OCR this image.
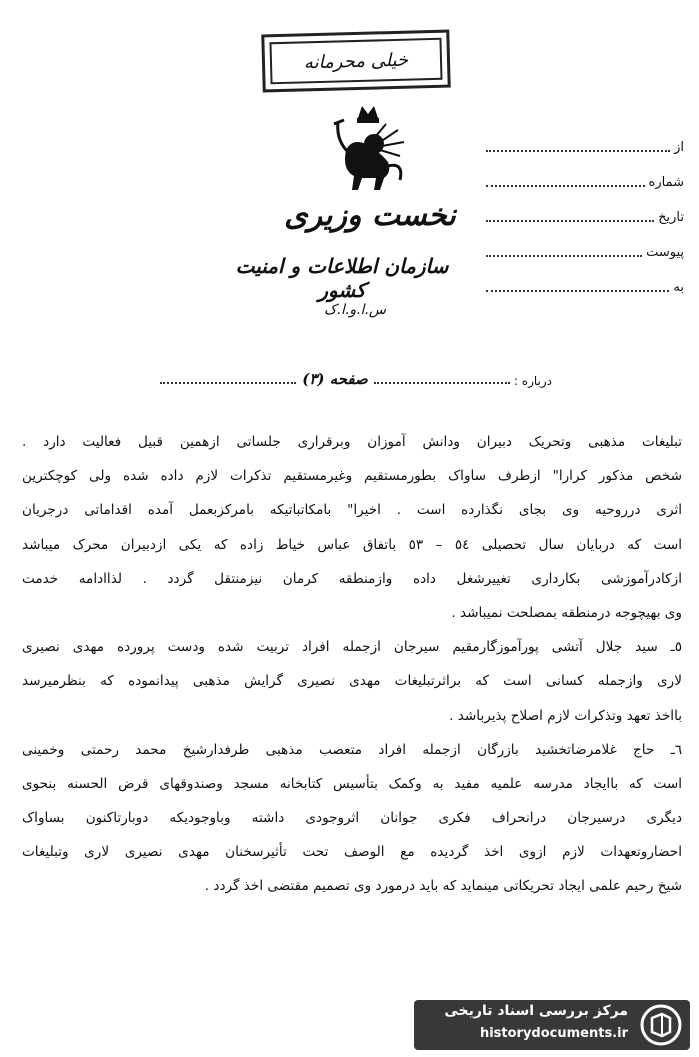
خیلی محرمانه
نخست وزیری
سازمان اطلاعات و امنیت کشور
س.ا.و.ا.ک
از
شماره
تاریخ
پیوست
به
درباره :
صفحه (٣)
تبلیغات مذهبی وتحریک دبیران ودانش آموزان وبرقراری جلساتی ازهمین قبیل فعالیت دارد .
شخص مذکور کرارا" ازطرف ساواک بطورمستقیم وغیرمستقیم تذکرات لازم داده شده ولی کوچکترین
اثری درروحیه وی بجای نگذارده است . اخیرا" بامکاتباتیکه بامرکزبعمل آمده اقداماتی درجریان
است که دربایان سال تحصیلی ٥٤ – ٥٣ باتفاق عباس خیاط زاده که یکی ازدبیران محرک میباشد
ازکادرآموزشی بکارداری تغییرشغل داده وازمنطقه کرمان نیزمنتقل گردد . لذاادامه خدمت
وی بهیچوجه درمنطقه بمصلحت نمیباشد .
٥ـ سید جلال آتشی پورآموزگارمقیم سیرجان ازجمله افراد تربیت شده ودست پرورده مهدی نصیری
لاری وازجمله کسانی است که براثرتبلیغات مهدی نصیری گرایش مذهبی پیدانموده که بنظرمیرسد
بااخذ تعهد وتذکرات لازم اصلاح پذیرباشد .
٦ـ حاج غلامرضاتخشید بازرگان ازجمله افراد متعصب مذهبی طرفدارشیخ محمد رحمتی وخمینی
است که باایجاد مدرسه علمیه مفید به وکمک بتأسیس کتابخانه مسجد وصندوقهای قرض الحسنه بنحوی
دیگری درسیرجان درانحراف فکری جوانان اثروجودی داشته وباوجودیکه دوبارتاکنون بساواک
احضاروتعهدات لازم ازوی اخذ گردیده مع الوصف تحت تأثیرسخنان مهدی نصیری لاری وتبلیغات
شیخ رحیم علمی ایجاد تحریکاتی مینماید که باید درمورد وی تصمیم مقتضی اخذ گردد .
مرکز بررسی اسناد تاریخی
historydocuments.ir
